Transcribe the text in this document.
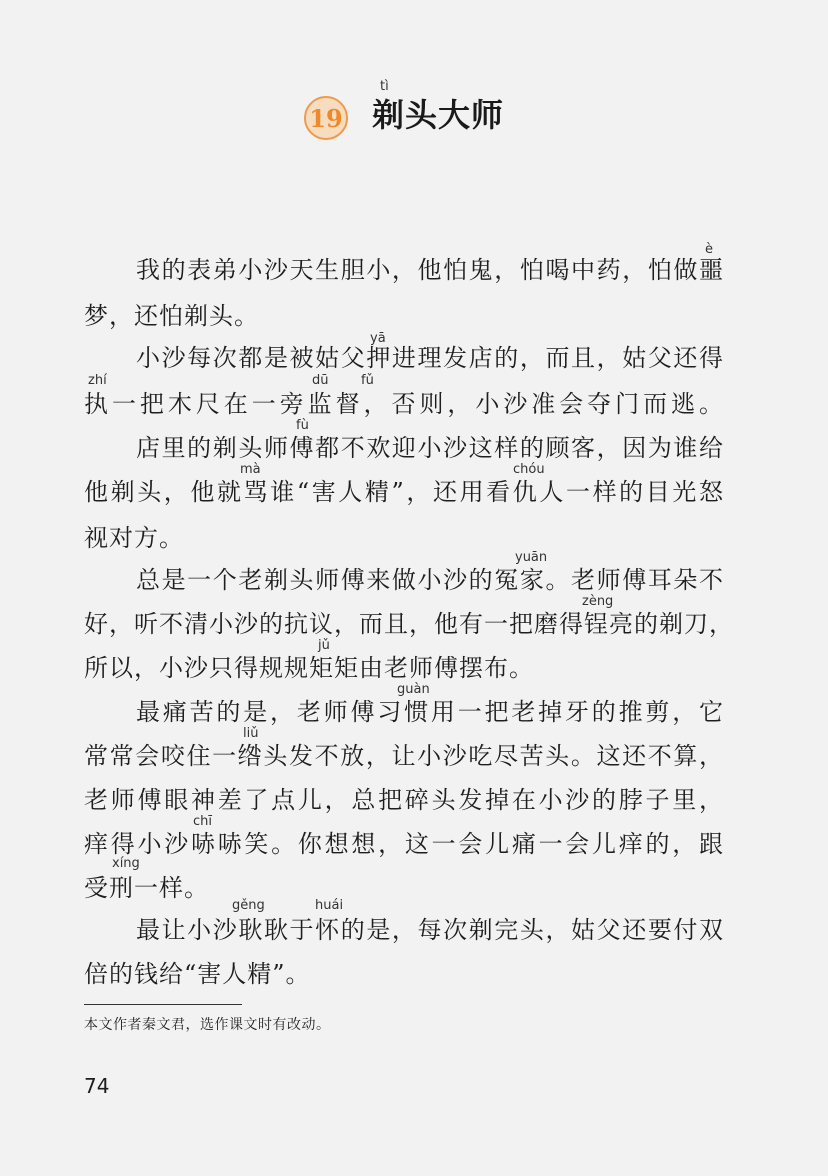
19 剃头大师
tì
è
我的表弟小沙天生胆小，他怕鬼，怕喝中药，怕做噩
梦，还怕剃头。
yā
小沙每次都是被姑父押进理发店的，而且，姑父还得
zhí	dū	fǔ
执一把木尺在一旁监督，否则，小沙准会夺门而逃。
fù
店里的剃头师傅都不欢迎小沙这样的顾客，因为谁给
mà	chóu
他剃头，他就骂谁“害人精”，还用看仇人一样的目光怒
视对方。
yuān
总是一个老剃头师傅来做小沙的冤家。老师傅耳朵不
zèng
好，听不清小沙的抗议，而且，他有一把磨得锃亮的剃刀，
jǔ
所以，小沙只得规规矩矩由老师傅摆布。
guàn
最痛苦的是，老师傅习惯用一把老掉牙的推剪，它
liǔ
常常会咬住一绺头发不放，让小沙吃尽苦头。这还不算，
老师傅眼神差了点儿，总把碎头发掉在小沙的脖子里，
chī
痒得小沙哧哧笑。你想想，这一会儿痛一会儿痒的，跟
xíng
受刑一样。
gěng	huái
最让小沙耿耿于怀的是，每次剃完头，姑父还要付双
倍的钱给“害人精”。
本文作者秦文君，选作课文时有改动。
74
